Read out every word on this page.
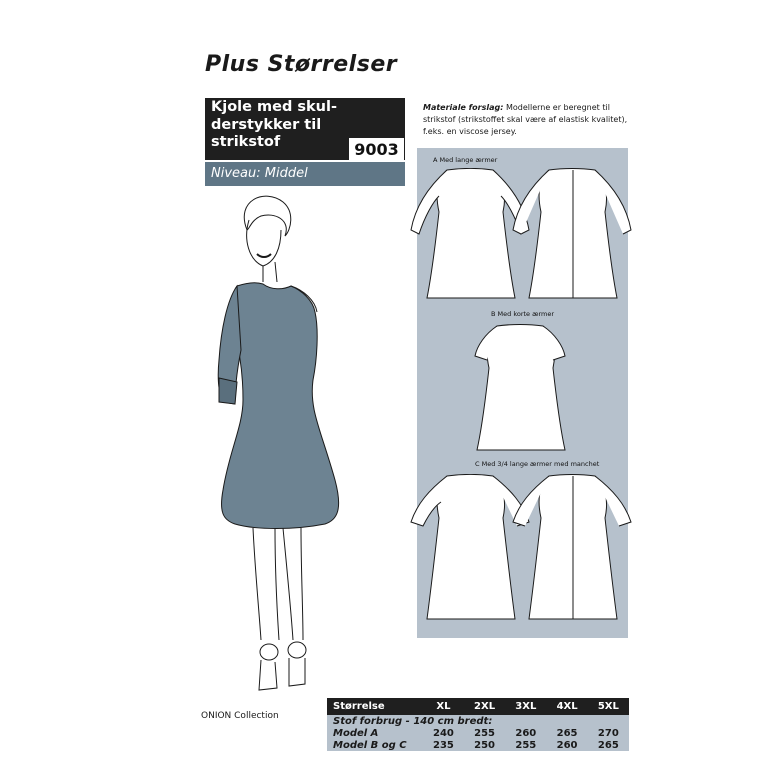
Plus Størrelser
Kjole med skul-
derstykker til
strikstof	9003
Niveau: Middel
Materiale forslag: Modellerne er beregnet til
strikstof (strikstoffet skal være af elastisk kvalitet),
f.eks. en viscose jersey.
A Med lange ærmer
B Med korte ærmer
C Med 3/4 lange ærmer med manchet
ONION Collection
Størrelse	XL	2XL	3XL	4XL	5XL
Stof forbrug - 140 cm bredt:					
Model A	240	255	260	265	270
Model B og C	235	250	255	260	265
